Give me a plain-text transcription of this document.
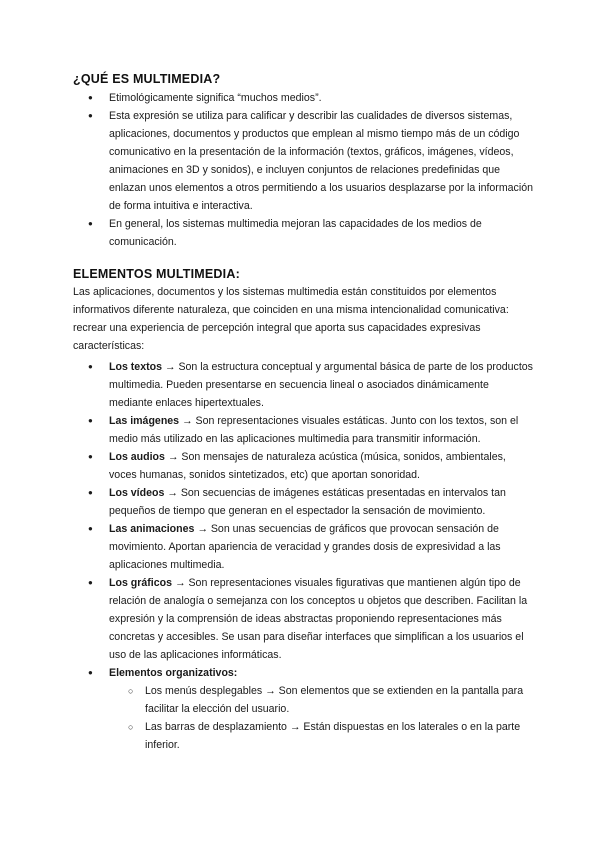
¿QUÉ ES MULTIMEDIA?
● Etimológicamente significa “muchos medios”.
● Esta expresión se utiliza para calificar y describir las cualidades de diversos sistemas, aplicaciones, documentos y productos que emplean al mismo tiempo más de un código comunicativo en la presentación de la información (textos, gráficos, imágenes, vídeos, animaciones en 3D y sonidos), e incluyen conjuntos de relaciones predefinidas que enlazan unos elementos a otros permitiendo a los usuarios desplazarse por la información de forma intuitiva e interactiva.
● En general, los sistemas multimedia mejoran las capacidades de los medios de comunicación.
ELEMENTOS MULTIMEDIA:

Las aplicaciones, documentos y los sistemas multimedia están constituidos por elementos informativos diferente naturaleza, que coinciden en una misma intencionalidad comunicativa: recrear una experiencia de percepción integral que aporta sus capacidades expresivas características:

● Los textos → Son la estructura conceptual y argumental básica de parte de los productos multimedia. Pueden presentarse en secuencia lineal o asociados dinámicamente mediante enlaces hipertextuales.
● Las imágenes → Son representaciones visuales estáticas. Junto con los textos, son el medio más utilizado en las aplicaciones multimedia para transmitir información.
● Los audios → Son mensajes de naturaleza acústica (música, sonidos, ambientales, voces humanas, sonidos sintetizados, etc) que aportan sonoridad.
● Los vídeos → Son secuencias de imágenes estáticas presentadas en intervalos tan pequeños de tiempo que generan en el espectador la sensación de movimiento.
● Las animaciones → Son unas secuencias de gráficos que provocan sensación de movimiento. Aportan apariencia de veracidad y grandes dosis de expresividad a las aplicaciones multimedia.
● Los gráficos → Son representaciones visuales figurativas que mantienen algún tipo de relación de analogía o semejanza con los conceptos u objetos que describen. Facilitan la expresión y la comprensión de ideas abstractas proponiendo representaciones más concretas y accesibles. Se usan para diseñar interfaces que simplifican a los usuarios el uso de las aplicaciones informáticas.
● Elementos organizativos:
○ Los menús desplegables → Son elementos que se extienden en la pantalla para facilitar la elección del usuario.
○ Las barras de desplazamiento → Están dispuestas en los laterales o en la parte inferior.
